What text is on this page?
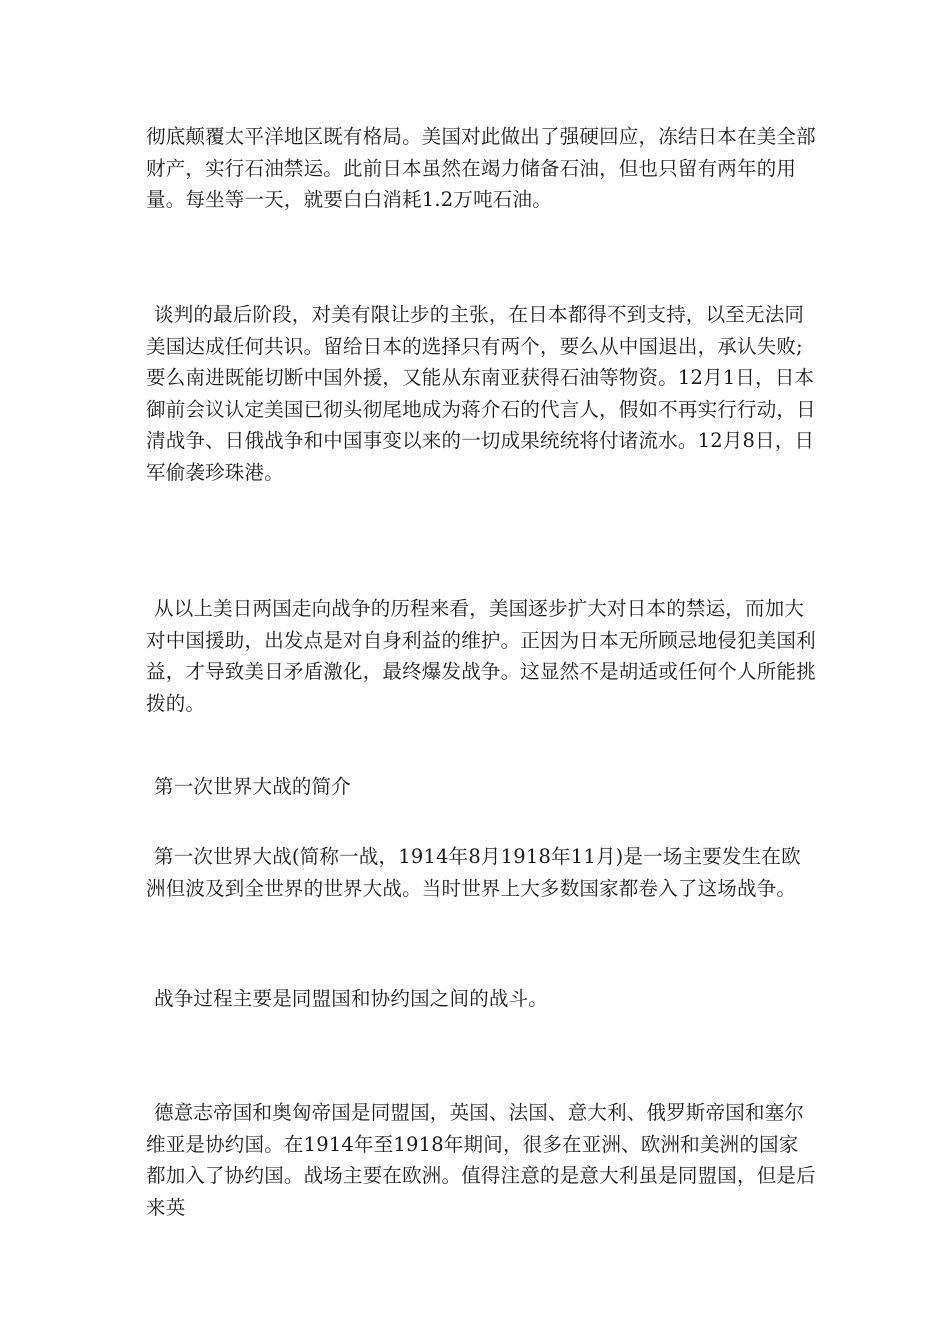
彻底颠覆太平洋地区既有格局。美国对此做出了强硬回应，冻结日本在美全部财产，实行石油禁运。此前日本虽然在竭力储备石油，但也只留有两年的用量。每坐等一天，就要白白消耗1.2万吨石油。

谈判的最后阶段，对美有限让步的主张，在日本都得不到支持，以至无法同美国达成任何共识。留给日本的选择只有两个，要么从中国退出，承认失败;要么南进既能切断中国外援，又能从东南亚获得石油等物资。12月1日，日本御前会议认定美国已彻头彻尾地成为蒋介石的代言人，假如不再实行行动，日清战争、日俄战争和中国事变以来的一切成果统统将付诸流水。12月8日，日军偷袭珍珠港。

从以上美日两国走向战争的历程来看，美国逐步扩大对日本的禁运，而加大对中国援助，出发点是对自身利益的维护。正因为日本无所顾忌地侵犯美国利益，才导致美日矛盾激化，最终爆发战争。这显然不是胡适或任何个人所能挑拨的。

第一次世界大战的简介

第一次世界大战(简称一战，1914年8月1918年11月)是一场主要发生在欧洲但波及到全世界的世界大战。当时世界上大多数国家都卷入了这场战争。

战争过程主要是同盟国和协约国之间的战斗。

德意志帝国和奥匈帝国是同盟国，英国、法国、意大利、俄罗斯帝国和塞尔维亚是协约国。在1914年至1918年期间，很多在亚洲、欧洲和美洲的国家都加入了协约国。战场主要在欧洲。值得注意的是意大利虽是同盟国，但是后来英
